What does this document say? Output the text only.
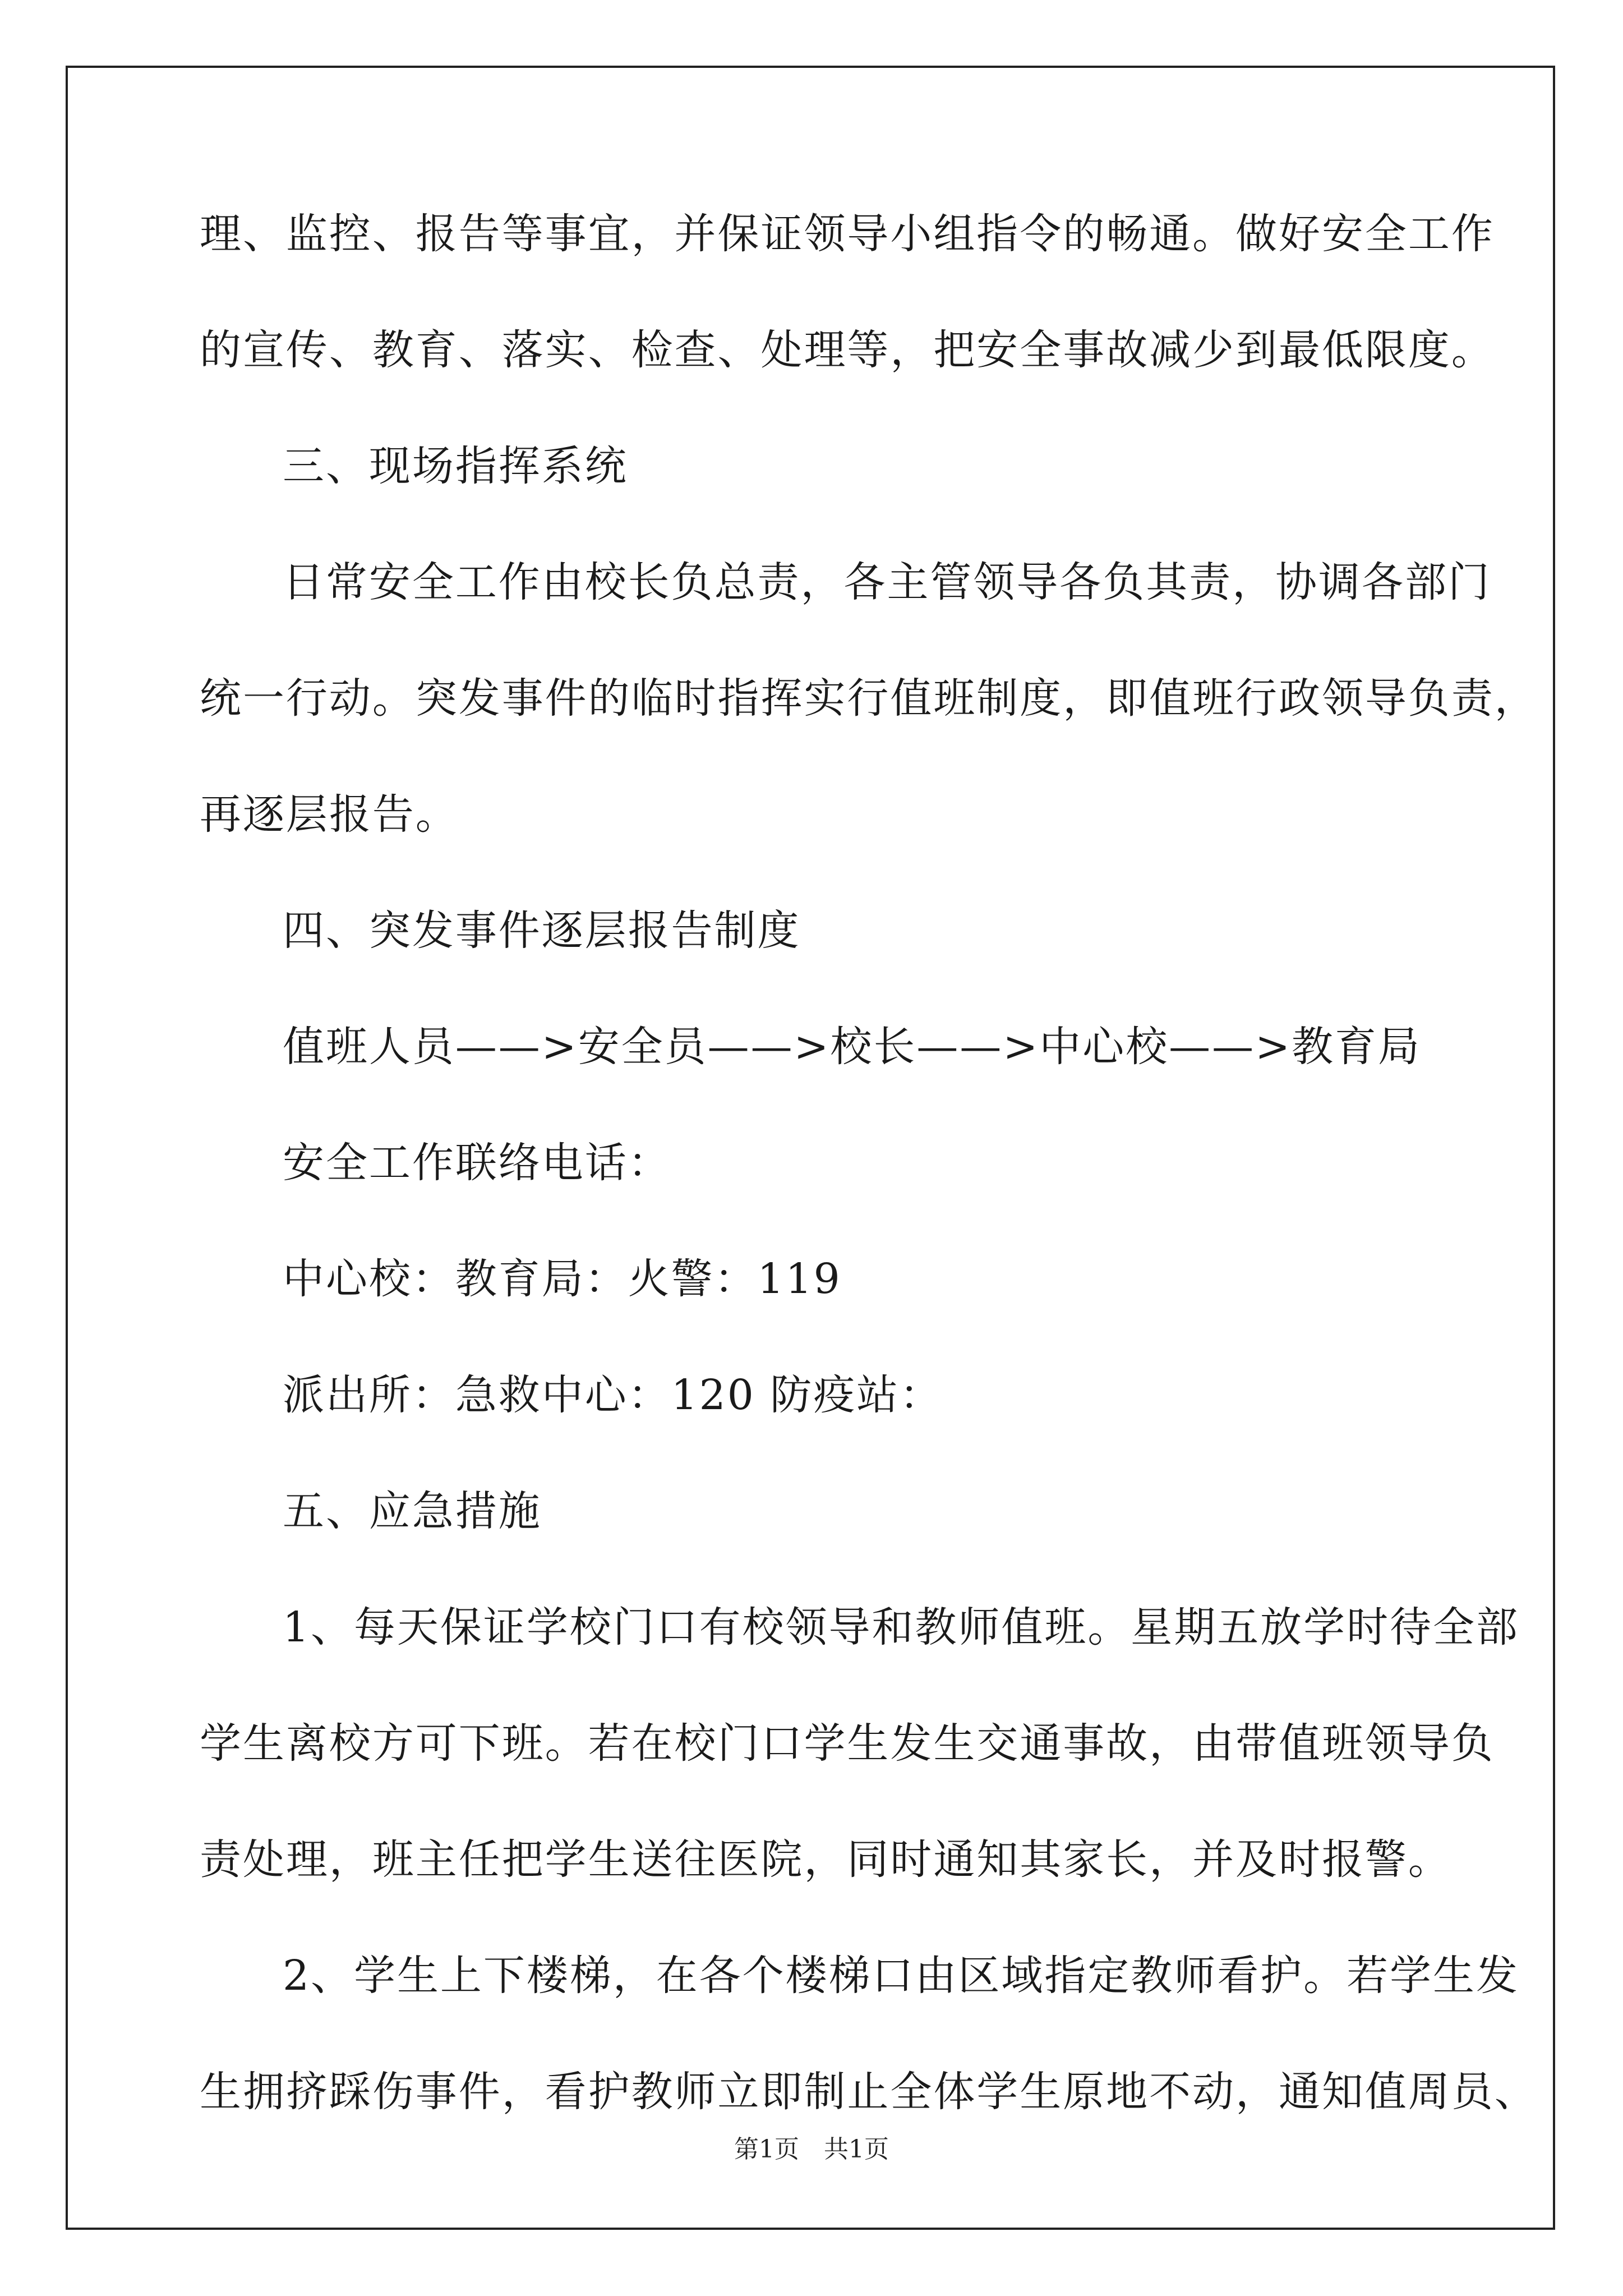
理、监控、报告等事宜，并保证领导小组指令的畅通。做好安全工作
的宣传、教育、落实、检查、处理等，把安全事故减少到最低限度。
三、现场指挥系统
日常安全工作由校长负总责，各主管领导各负其责，协调各部门
统一行动。突发事件的临时指挥实行值班制度，即值班行政领导负责，
再逐层报告。
四、突发事件逐层报告制度
值班人员——>安全员——>校长——>中心校——>教育局
安全工作联络电话：
中心校：教育局：火警：119
派出所：急救中心：120 防疫站：
五、应急措施
1、每天保证学校门口有校领导和教师值班。星期五放学时待全部
学生离校方可下班。若在校门口学生发生交通事故，由带值班领导负
责处理，班主任把学生送往医院，同时通知其家长，并及时报警。
2、学生上下楼梯，在各个楼梯口由区域指定教师看护。若学生发
生拥挤踩伤事件，看护教师立即制止全体学生原地不动，通知值周员、
第1页　共1页
